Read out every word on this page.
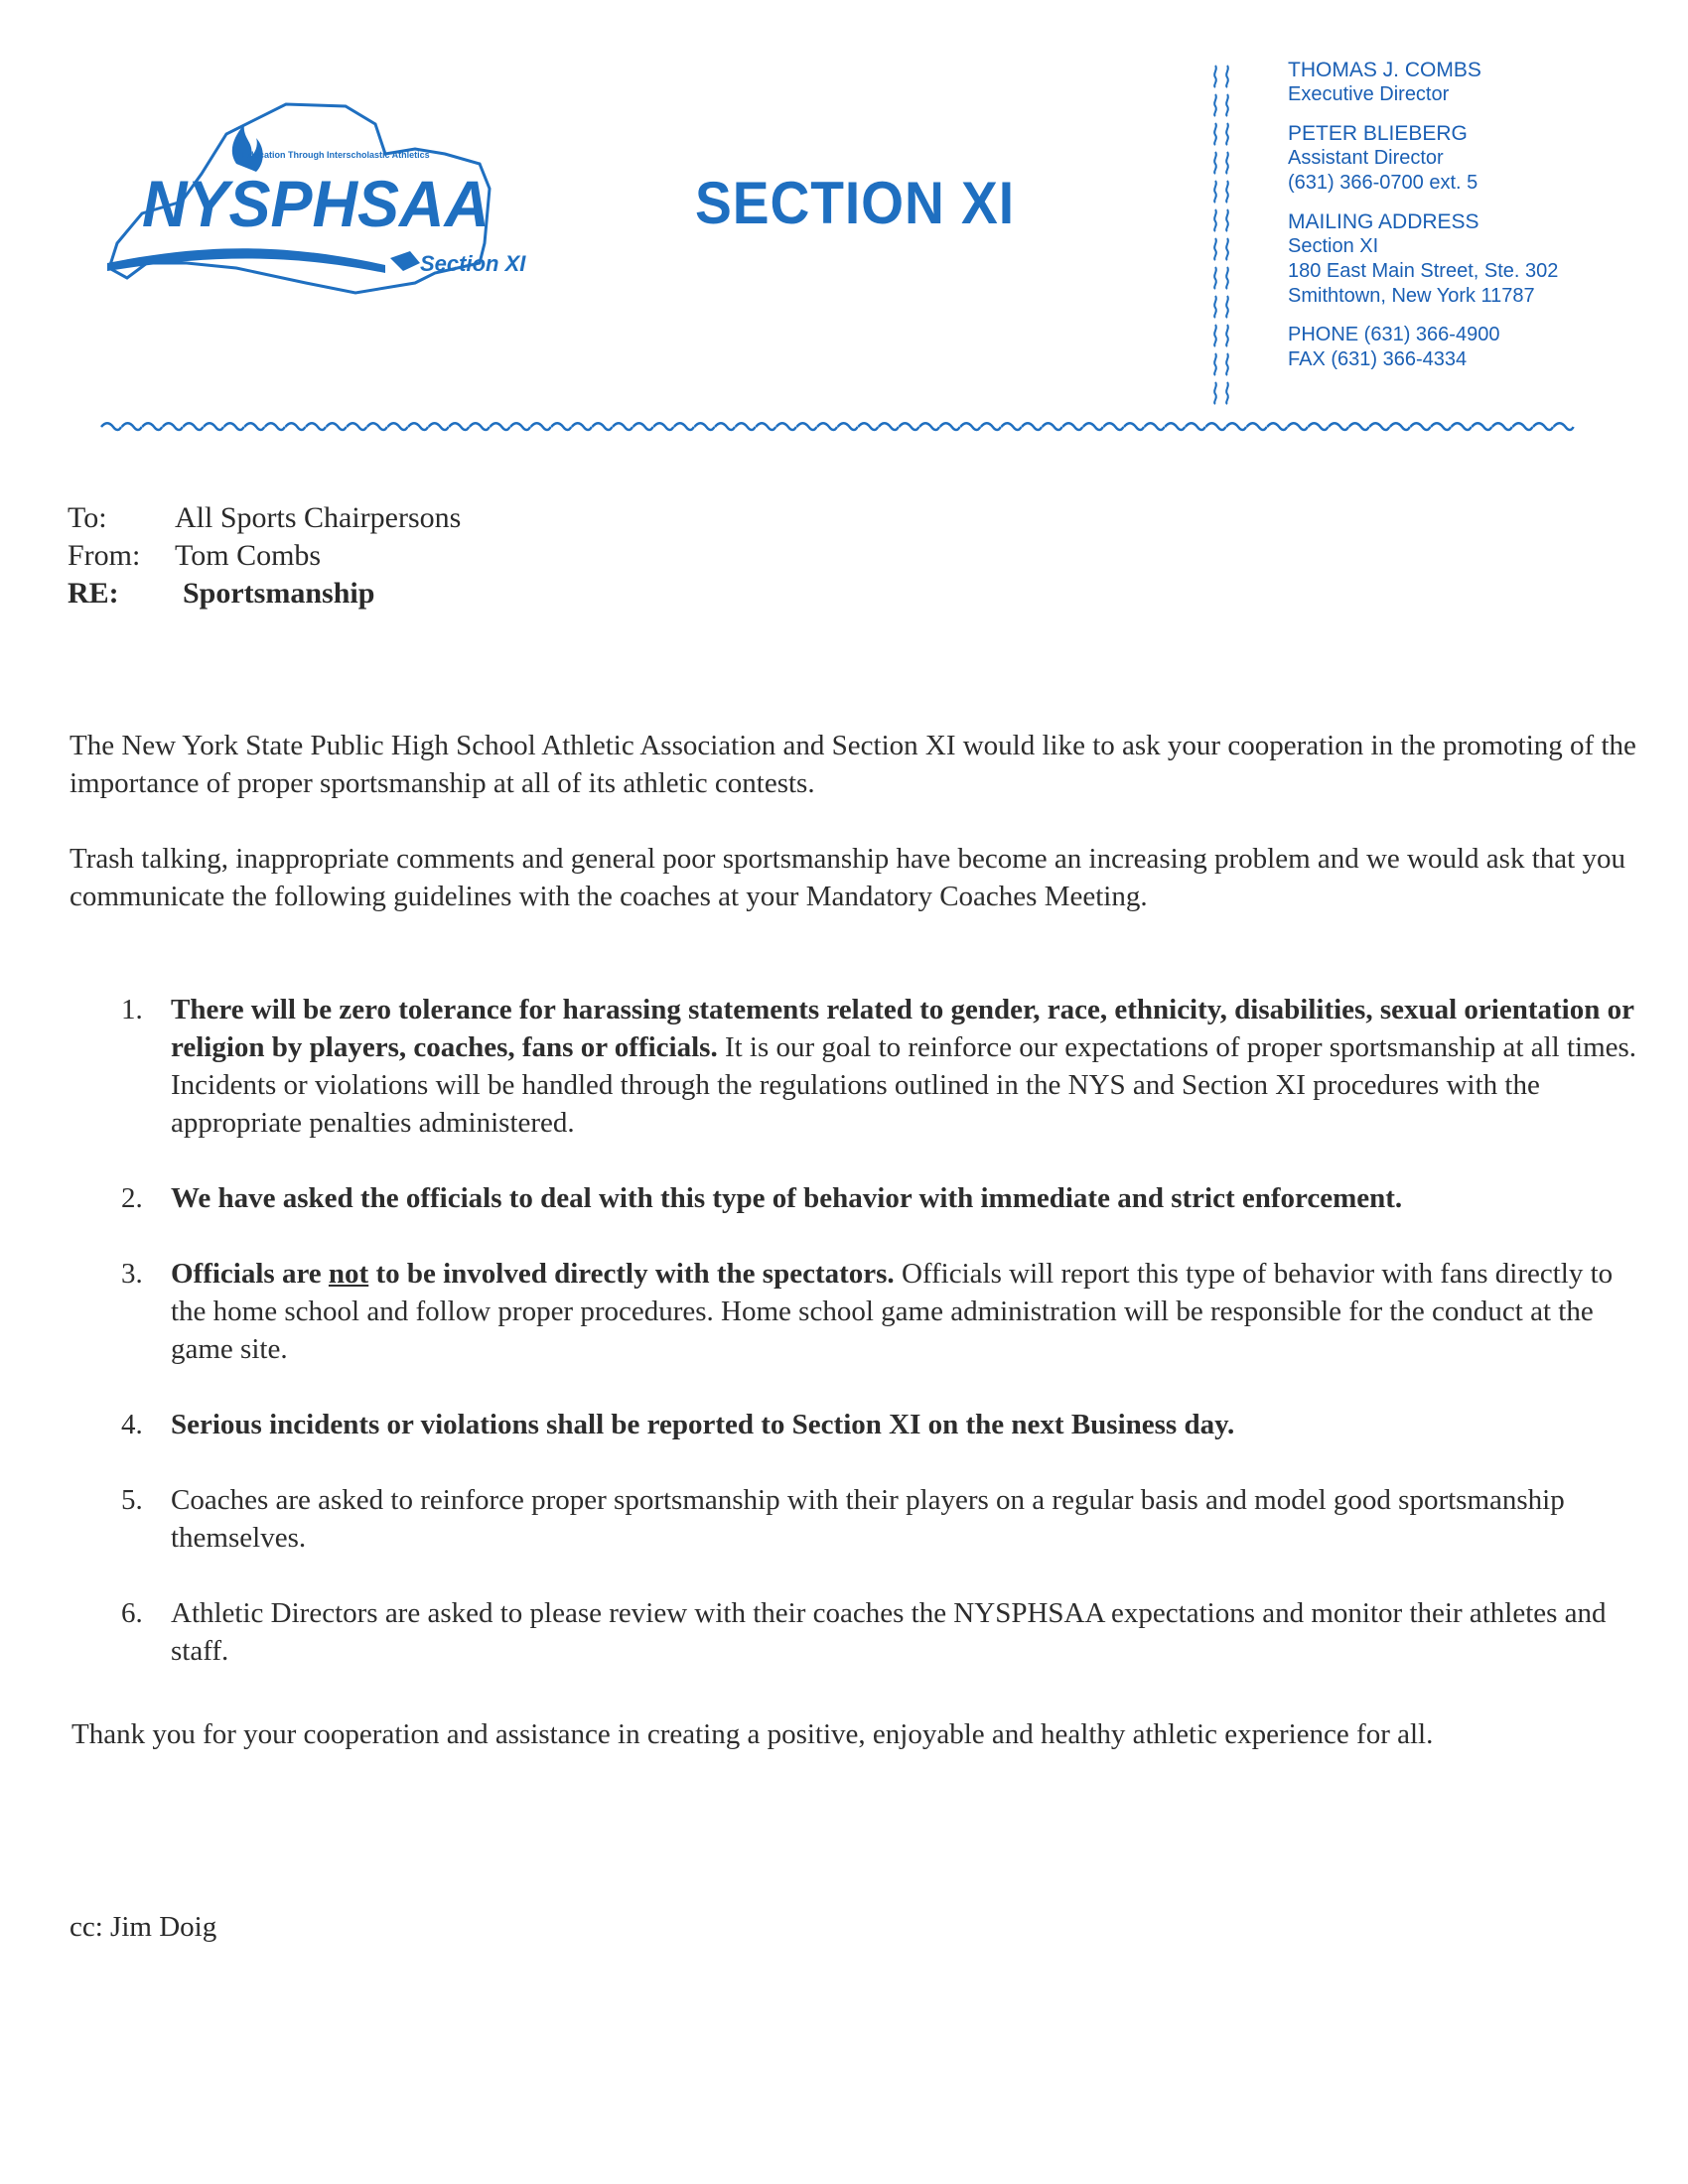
Education Through Interscholastic Athletics
NYSPHSAA
Section XI
SECTION XI
THOMAS J. COMBS
Executive Director
PETER BLIEBERG
Assistant Director
(631) 366-0700 ext. 5
MAILING ADDRESS
Section XI
180 East Main Street, Ste. 302
Smithtown, New York 11787
PHONE (631) 366-4900
FAX (631) 366-4334
To: All Sports Chairpersons
From: Tom Combs
RE: Sportsmanship
The New York State Public High School Athletic Association and Section XI would like to ask your cooperation in the promoting of the importance of proper sportsmanship at all of its athletic contests.
Trash talking, inappropriate comments and general poor sportsmanship have become an increasing problem and we would ask that you communicate the following guidelines with the coaches at your Mandatory Coaches Meeting.
1. There will be zero tolerance for harassing statements related to gender, race, ethnicity, disabilities, sexual orientation or religion by players, coaches, fans or officials. It is our goal to reinforce our expectations of proper sportsmanship at all times. Incidents or violations will be handled through the regulations outlined in the NYS and Section XI procedures with the appropriate penalties administered.
2. We have asked the officials to deal with this type of behavior with immediate and strict enforcement.
3. Officials are not to be involved directly with the spectators. Officials will report this type of behavior with fans directly to the home school and follow proper procedures. Home school game administration will be responsible for the conduct at the game site.
4. Serious incidents or violations shall be reported to Section XI on the next Business day.
5. Coaches are asked to reinforce proper sportsmanship with their players on a regular basis and model good sportsmanship themselves.
6. Athletic Directors are asked to please review with their coaches the NYSPHSAA expectations and monitor their athletes and staff.
Thank you for your cooperation and assistance in creating a positive, enjoyable and healthy athletic experience for all.
cc: Jim Doig
